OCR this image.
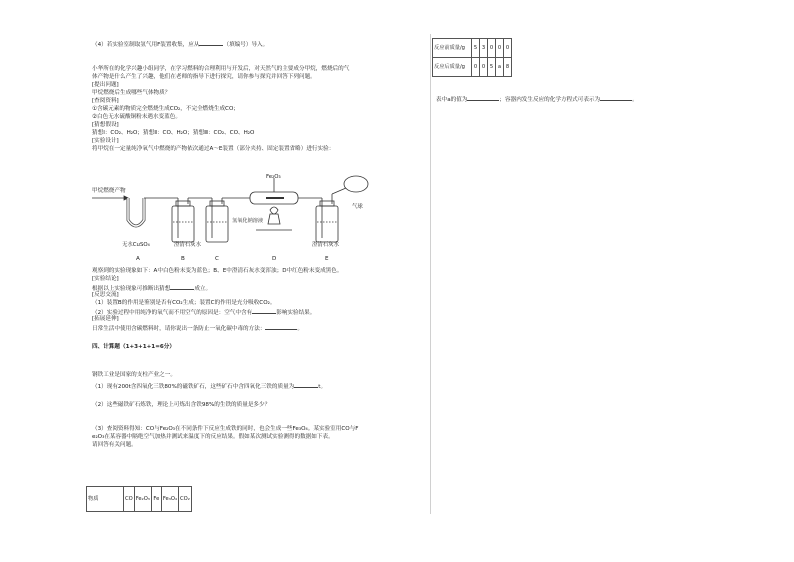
（4）若实验室制取氢气用F装置收集，应从	（填编号）导入。
小华所在的化学兴趣小组同学，在学习燃料的合理利用与开发后，对天然气的主要成分甲烷，燃烧后的气
体产物是什么产生了兴趣，他们在老师的指导下进行探究，请你参与探究并回答下列问题。
[提出问题]
甲烷燃烧后生成哪些气体物质？
[查阅资料]
①含碳元素的物质完全燃烧生成CO₂，不完全燃烧生成CO；
②白色无水硫酸铜粉末遇水变蓝色。
[猜想假设]
猜想Ⅰ：CO₂、H₂O；猜想Ⅱ：CO、H₂O；猜想Ⅲ：CO₂、CO、H₂O
[实验设计]
将甲烷在一定量纯净氧气中燃烧的产物依次通过A～E装置（部分夹持、固定装置省略）进行实验：
甲烷燃烧产物
Fe₂O₃
氢氧化钠溶液
气球
无水CuSO₄	澄清石灰水	澄清石灰水
A	B	C	D	E
观察到的实验现象如下：A中白色粉末变为蓝色；B、E中澄清石灰水变浑浊；D中红色粉末变成黑色。
[实验结论]
根据以上实验现象可推断出猜想	成立。
[反思交流]
（1）装置B的作用是鉴别是否有CO₂生成；装置C的作用是充分吸收CO₂。
（2）实验过程中用纯净的氧气而不用空气的原因是：空气中含有	影响实验结果。
[拓展延伸]
日常生活中使用含碳燃料时，请你说出一条防止一氧化碳中毒的方法：	。
四、计算题（1+3+1+1=6分）
钢铁工业是国家的支柱产业之一。
（1）现有200t含四氧化三铁80%的磁铁矿石，这些矿石中含四氧化三铁的质量为	t。
（2）这些磁铁矿石炼铁，理论上可炼出含铁98%的生铁的质量是多少？
（3）查阅资料得知：CO与Fe₂O₃在不同条件下反应生成铁的同时，也会生成一些Fe₃O₄。某实验室用CO与F
e₂O₃在某容器中隔绝空气加热并测试来温度下的反应结果。假如某次测试实验测得的数据如下表。
请回答有关问题。
物质	CO	Fe₂O₃	Fe	Fe₃O₄	CO₂
反应前质量/g	5	3	0	0	0
反应后质量/g	0	0	5	a	8
表中a的值为	；容器内发生反应的化学方程式可表示为	。
